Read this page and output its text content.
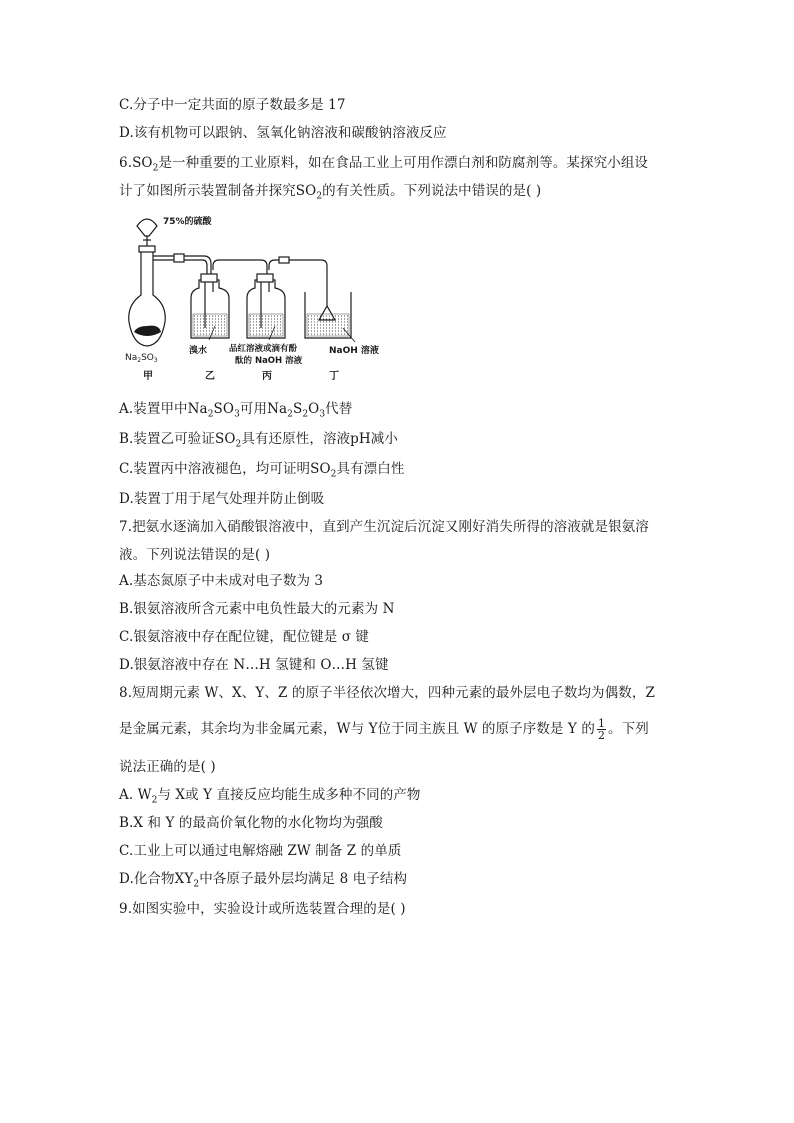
C.分子中一定共面的原子数最多是 17
D.该有机物可以跟钠、氢氧化钠溶液和碳酸钠溶液反应
$6.SO_2$是一种重要的工业原料，如在食品工业上可用作漂白剂和防腐剂等。某探究小组设
计了如图所示装置制备并探究$SO_2$的有关性质。下列说法中错误的是( )
75%的硫酸
$Na_2SO_3$
溴水	品红溶液或滴有酚
酞的 NaOH 溶液
NaOH 溶液
甲	乙	丙	丁
A.装置甲中$Na_2SO_3$可用$Na_2S_2O_3$代替
B.装置乙可验证$SO_2$具有还原性，溶液pH减小
C.装置丙中溶液褪色，均可证明$SO_2$具有漂白性
D.装置丁用于尾气处理并防止倒吸
7.把氨水逐滴加入硝酸银溶液中，直到产生沉淀后沉淀又刚好消失所得的溶液就是银氨溶
液。下列说法错误的是( )
A.基态氮原子中未成对电子数为 3
B.银氨溶液所含元素中电负性最大的元素为 N
C.银氨溶液中存在配位键，配位键是 σ 键
D.银氨溶液中存在 N…H 氢键和 O…H 氢键
8.短周期元素 W、X、Y、Z 的原子半径依次增大，四种元素的最外层电子数均为偶数，Z
是金属元素，其余均为非金属元素，W与 Y位于同主族且 W 的原子序数是 Y 的 $\frac{1}{2}$ 。下列
说法正确的是( )
A. $W_2$与 X或 Y 直接反应均能生成多种不同的产物
B.X 和 Y 的最高价氧化物的水化物均为强酸
C.工业上可以通过电解熔融 ZW 制备 Z 的单质
D.化合物$XY_2$中各原子最外层均满足 8 电子结构
9.如图实验中，实验设计或所选装置合理的是( )
